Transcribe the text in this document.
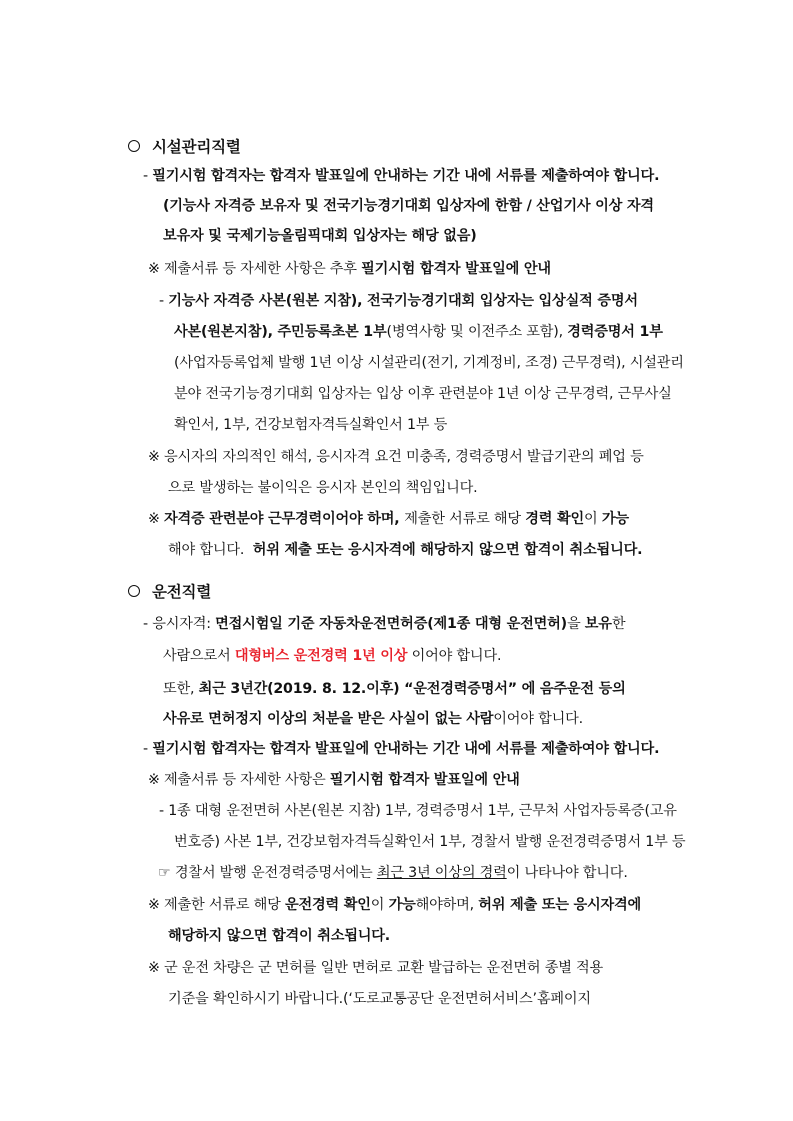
시설관리직렬
- 필기시험 합격자는 합격자 발표일에 안내하는 기간 내에 서류를 제출하여야 합니다.
(기능사 자격증 보유자 및 전국기능경기대회 입상자에 한함 / 산업기사 이상 자격
보유자 및 국제기능올림픽대회 입상자는 해당 없음)
※ 제출서류 등 자세한 사항은 추후 필기시험 합격자 발표일에 안내
- 기능사 자격증 사본(원본 지참), 전국기능경기대회 입상자는 입상실적 증명서
사본(원본지참), 주민등록초본 1부(병역사항 및 이전주소 포함), 경력증명서 1부
(사업자등록업체 발행 1년 이상 시설관리(전기, 기계정비, 조경) 근무경력), 시설관리
분야 전국기능경기대회 입상자는 입상 이후 관련분야 1년 이상 근무경력, 근무사실
확인서, 1부, 건강보험자격득실확인서 1부 등
※ 응시자의 자의적인 해석, 응시자격 요건 미충족, 경력증명서 발급기관의 폐업 등
으로 발생하는 불이익은 응시자 본인의 책임입니다.
※ 자격증 관련분야 근무경력이어야 하며, 제출한 서류로 해당 경력 확인이 가능
해야 합니다.  허위 제출 또는 응시자격에 해당하지 않으면 합격이 취소됩니다.
운전직렬
- 응시자격: 면접시험일 기준 자동차운전면허증(제1종 대형 운전면허)을 보유한
사람으로서 대형버스 운전경력 1년 이상 이어야 합니다.
또한, 최근 3년간(2019. 8. 12.이후) “운전경력증명서” 에 음주운전 등의
사유로 면허정지 이상의 처분을 받은 사실이 없는 사람이어야 합니다.
- 필기시험 합격자는 합격자 발표일에 안내하는 기간 내에 서류를 제출하여야 합니다.
※ 제출서류 등 자세한 사항은 필기시험 합격자 발표일에 안내
- 1종 대형 운전면허 사본(원본 지참) 1부, 경력증명서 1부, 근무처 사업자등록증(고유
번호증) 사본 1부, 건강보험자격득실확인서 1부, 경찰서 발행 운전경력증명서 1부 등
☞ 경찰서 발행 운전경력증명서에는 최근 3년 이상의 경력이 나타나야 합니다.
※ 제출한 서류로 해당 운전경력 확인이 가능해야하며, 허위 제출 또는 응시자격에
해당하지 않으면 합격이 취소됩니다.
※ 군 운전 차량은 군 면허를 일반 면허로 교환 발급하는 운전면허 종별 적용
기준을 확인하시기 바랍니다.(‘도로교통공단 운전면허서비스’홈페이지
